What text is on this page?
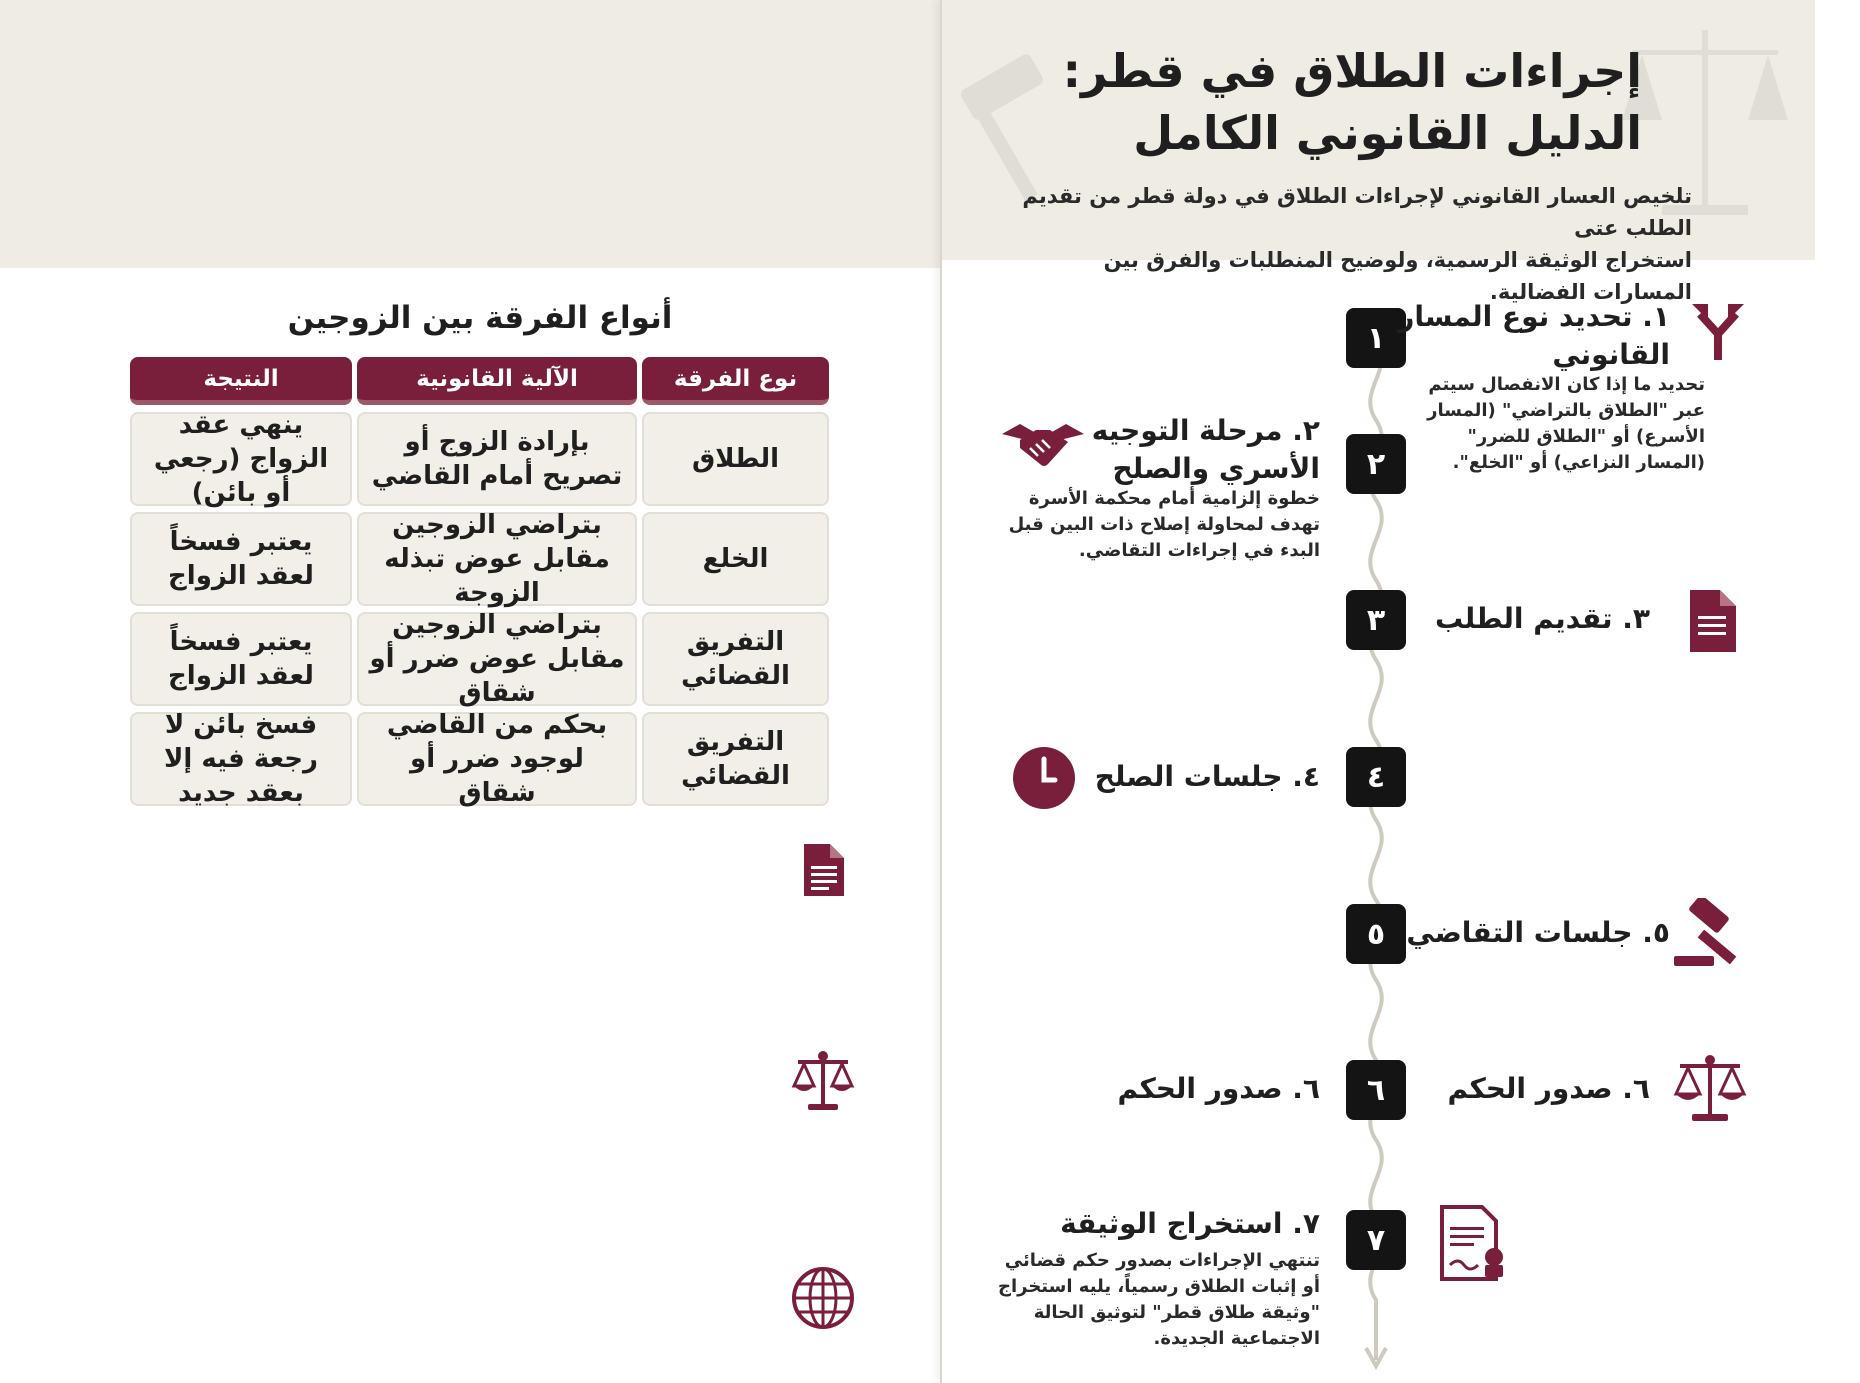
أنواع الفرقة بين الزوجين
نوع الفرقة
الآلية القانونية
النتيجة
الطلاق
بإرادة الزوج أو تصريح أمام القاضي
ينهي عقد الزواج (رجعي أو بائن)
الخلع
بتراضي الزوجين مقابل عوض تبذله الزوجة
يعتبر فسخاً لعقد الزواج
التفريق القضائي
بتراضي الزوجين مقابل عوض ضرر أو شقاق
يعتبر فسخاً لعقد الزواج
التفريق القضائي
بحكم من القاضي لوجود ضرر أو شقاق
فسخ بائن لا رجعة فيه إلا بعقد جديد
إجراءات الطلاق في قطر:
الدليل القانوني الكامل
تلخيص العسار القانوني لإجراءات الطلاق في دولة قطر من تقديم الطلب عتى
استخراج الوثيقة الرسمية، ولوضيح المنطلبات والفرق بين المسارات الفضالية.
١
١. تحديد نوع المسار
القانوني
تحديد ما إذا كان الانفصال سيتم
عبر "الطلاق بالتراضي" (المسار
الأسرع) أو "الطلاق للضرر"
(المسار النزاعي) أو "الخلع".
٢
٢. مرحلة التوجيه
الأسري والصلح
خطوة إلزامية أمام محكمة الأسرة
تهدف لمحاولة إصلاح ذات البين قبل
البدء في إجراءات التقاضي.
٣	٣. تقديم الطلب
٤
٤. جلسات الصلح
٥ ٥. جلسات التقاضي
٦	٦. صدور الحكم
٦. صدور الحكم
٧
٧. استخراج الوثيقة
تنتهي الإجراءات بصدور حكم قضائي
أو إثبات الطلاق رسمياً، يليه استخراج
"وثيقة طلاق قطر" لتوثيق الحالة
الاجتماعية الجديدة.
